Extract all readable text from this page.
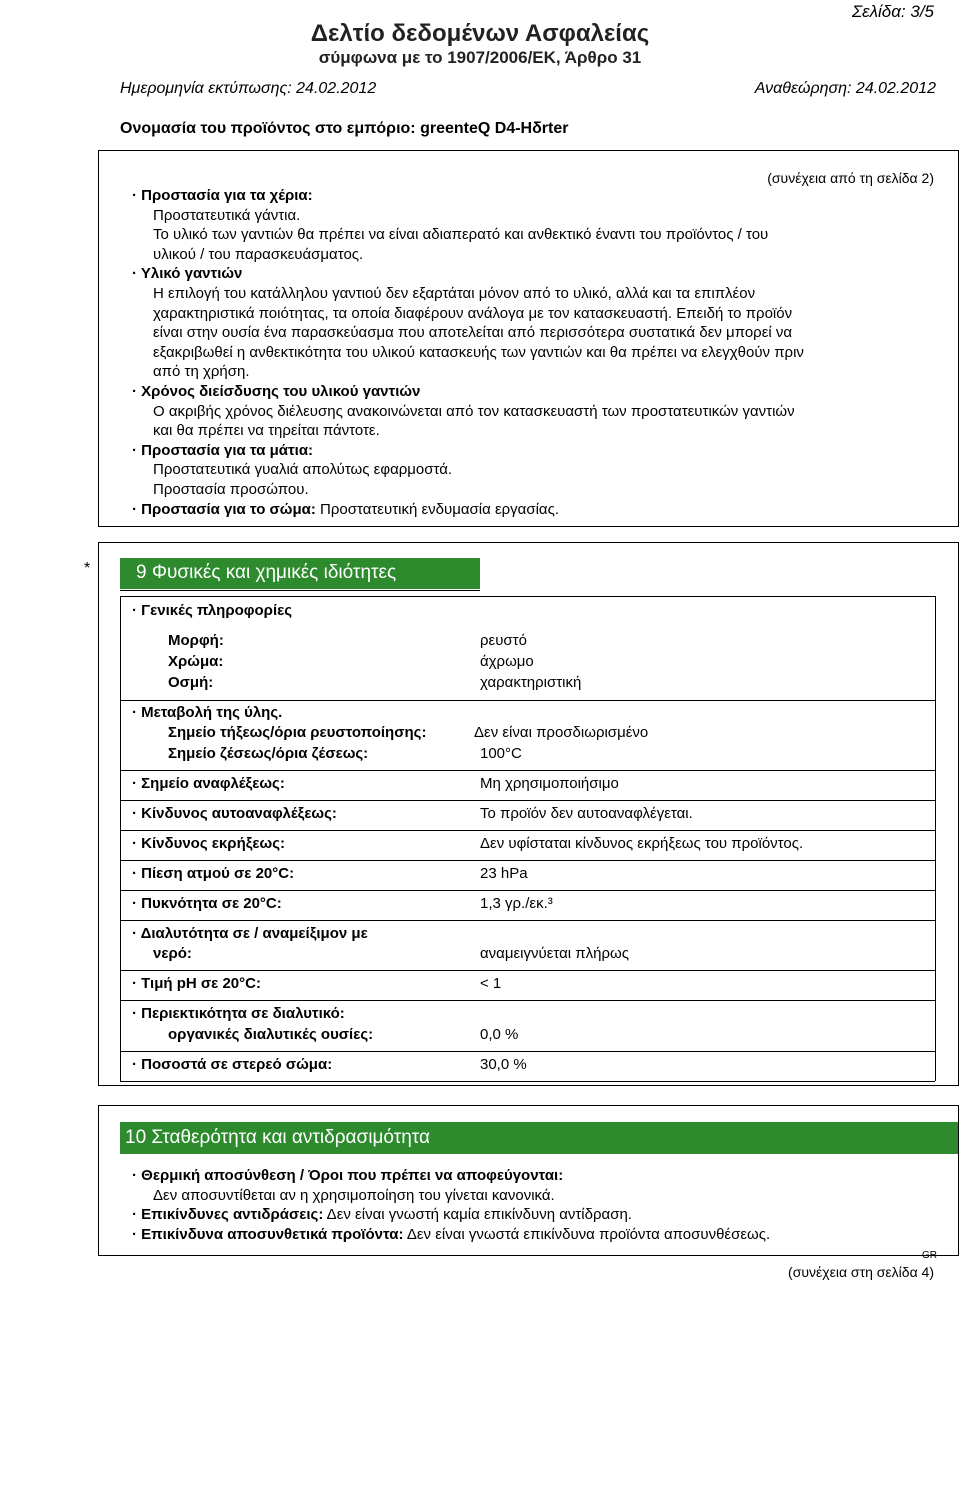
Σελίδα: 3/5
Δελτίο δεδομένων Ασφαλείας
σύμφωνα με το 1907/2006/ΕΚ, Άρθρο 31
Ημερομηνία εκτύπωσης: 24.02.2012	Αναθεώρηση: 24.02.2012
Ονομασία του προϊόντος στο εμπόριο: greenteQ D4-Hδrter
(συνέχεια από τη σελίδα 2)
· Προστασία για τα χέρια:
Προστατευτικά γάντια.
Το υλικό των γαντιών θα πρέπει να είναι αδιαπερατό και ανθεκτικό έναντι του προϊόντος / του
υλικού / του παρασκευάσματος.
· Υλικό γαντιών
Η επιλογή του κατάλληλου γαντιού δεν εξαρτάται μόνον από το υλικό, αλλά και τα επιπλέον
χαρακτηριστικά ποιότητας, τα οποία διαφέρουν ανάλογα με τον κατασκευαστή. Επειδή το προϊόν
είναι στην ουσία ένα παρασκεύασμα που αποτελείται από περισσότερα συστατικά δεν μπορεί να
εξακριβωθεί η ανθεκτικότητα του υλικού κατασκευής των γαντιών και θα πρέπει να ελεγχθούν πριν
από τη χρήση.
· Χρόνος διείσδυσης του υλικού γαντιών
Ο ακριβής χρόνος διέλευσης ανακοινώνεται από τον κατασκευαστή των προστατευτικών γαντιών
και θα πρέπει να τηρείται πάντοτε.
· Προστασία για τα μάτια:
Προστατευτικά γυαλιά απολύτως εφαρμοστά.
Προστασία προσώπου.
· Προστασία για το σώμα: Προστατευτική ενδυμασία εργασίας.
* 9 Φυσικές και χημικές ιδιότητες
· Γενικές πληροφορίες
Μορφή:	ρευστό
Χρώμα:	άχρωμο
Οσμή:	χαρακτηριστική
· Μεταβολή της ύλης.
Σημείο τήξεως/όρια ρευστοποίησης:	Δεν είναι προσδιωρισμένο
Σημείο ζέσεως/όρια ζέσεως:	100°C
· Σημείο αναφλέξεως:	Μη χρησιμοποιήσιμο
· Κίνδυνος αυτοαναφλέξεως:	Το προϊόν δεν αυτοαναφλέγεται.
· Κίνδυνος εκρήξεως:	Δεν υφίσταται κίνδυνος εκρήξεως του προϊόντος.
· Πίεση ατμού σε 20°C:	23 hPa
· Πυκνότητα σε 20°C:	1,3 γρ./εκ.³
· Διαλυτότητα σε / αναμείξιμον με
νερό:	αναμειγνύεται πλήρως
· Τιμή pH σε 20°C:	< 1
· Περιεκτικότητα σε διαλυτικό:
οργανικές διαλυτικές ουσίες:	0,0 %
· Ποσοστά σε στερεό σώμα:	30,0 %
10 Σταθερότητα και αντιδρασιμότητα
· Θερμική αποσύνθεση / Όροι που πρέπει να αποφεύγονται:
Δεν αποσυντίθεται αν η χρησιμοποίηση του γίνεται κανονικά.
· Επικίνδυνες αντιδράσεις: Δεν είναι γνωστή καμία επικίνδυνη αντίδραση.
· Επικίνδυνα αποσυνθετικά προϊόντα: Δεν είναι γνωστά επικίνδυνα προϊόντα αποσυνθέσεως.
GR
(συνέχεια στη σελίδα 4)
